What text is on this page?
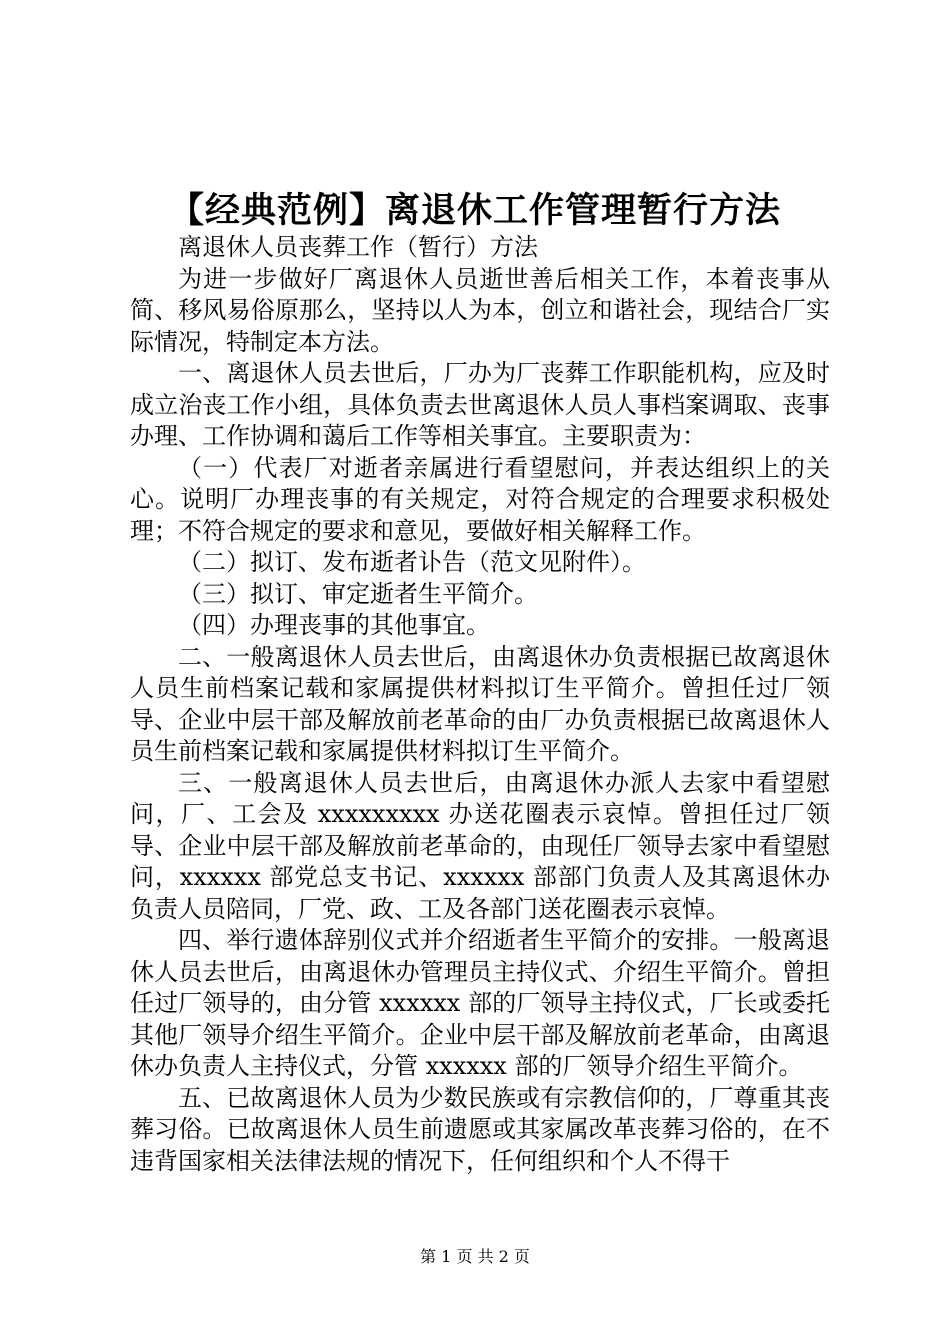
【经典范例】离退休工作管理暂行方法

离退休人员丧葬工作（暂行）方法

为进一步做好厂离退休人员逝世善后相关工作，本着丧事从简、移风易俗原那么，坚持以人为本，创立和谐社会，现结合厂实际情况，特制定本方法。

一、离退休人员去世后，厂办为厂丧葬工作职能机构，应及时成立治丧工作小组，具体负责去世离退休人员人事档案调取、丧事办理、工作协调和蔼后工作等相关事宜。主要职责为：

（一）代表厂对逝者亲属进行看望慰问，并表达组织上的关心。说明厂办理丧事的有关规定，对符合规定的合理要求积极处理；不符合规定的要求和意见，要做好相关解释工作。

（二）拟订、发布逝者讣告（范文见附件）。

（三）拟订、审定逝者生平简介。

（四）办理丧事的其他事宜。

二、一般离退休人员去世后，由离退休办负责根据已故离退休人员生前档案记载和家属提供材料拟订生平简介。曾担任过厂领导、企业中层干部及解放前老革命的由厂办负责根据已故离退休人员生前档案记载和家属提供材料拟订生平简介。

三、一般离退休人员去世后，由离退休办派人去家中看望慰问，厂、工会及 xxxxxxxxx 办送花圈表示哀悼。曾担任过厂领导、企业中层干部及解放前老革命的，由现任厂领导去家中看望慰问，xxxxxx 部党总支书记、xxxxxx 部部门负责人及其离退休办负责人员陪同，厂党、政、工及各部门送花圈表示哀悼。

四、举行遗体辞别仪式并介绍逝者生平简介的安排。一般离退休人员去世后，由离退休办管理员主持仪式、介绍生平简介。曾担任过厂领导的，由分管 xxxxxx 部的厂领导主持仪式，厂长或委托其他厂领导介绍生平简介。企业中层干部及解放前老革命，由离退休办负责人主持仪式，分管 xxxxxx 部的厂领导介绍生平简介。

五、已故离退休人员为少数民族或有宗教信仰的，厂尊重其丧葬习俗。已故离退休人员生前遗愿或其家属改革丧葬习俗的，在不违背国家相关法律法规的情况下，任何组织和个人不得干

第 1 页 共 2 页
